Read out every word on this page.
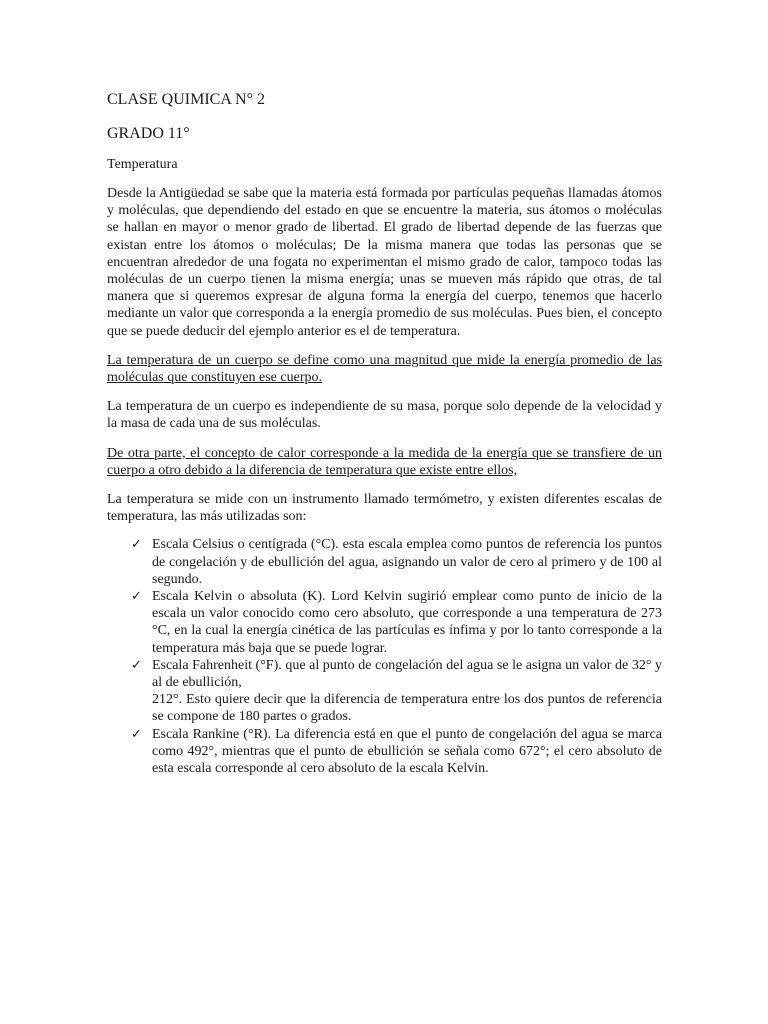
CLASE QUIMICA N° 2
GRADO 11°
Temperatura

Desde la Antigüedad se sabe que la materia está formada por partículas pequeñas llamadas átomos y moléculas, que dependiendo del estado en que se encuentre la materia, sus átomos o moléculas se hallan en mayor o menor grado de libertad. El grado de libertad depende de las fuerzas que existan entre los átomos o moléculas; De la misma manera que todas las personas que se encuentran alrededor de una fogata no experimentan el mismo grado de calor, tampoco todas las moléculas de un cuerpo tienen la misma energía; unas se mueven más rápido que otras, de tal manera que si queremos expresar de alguna forma la energía del cuerpo, tenemos que hacerlo mediante un valor que corresponda a la energía promedio de sus moléculas. Pues bien, el concepto que se puede deducir del ejemplo anterior es el de temperatura.

La temperatura de un cuerpo se define como una magnitud que mide la energía promedio de las moléculas que constituyen ese cuerpo.

La temperatura de un cuerpo es independiente de su masa, porque solo depende de la velocidad y la masa de cada una de sus moléculas.

De otra parte, el concepto de calor corresponde a la medida de la energía que se transfiere de un cuerpo a otro debido a la diferencia de temperatura que existe entre ellos,

La temperatura se mide con un instrumento llamado termómetro, y existen diferentes escalas de temperatura, las más utilizadas son:

✓ Escala Celsius o centígrada (°C). esta escala emplea como puntos de referencia los puntos de congelación y de ebullición del agua, asignando un valor de cero al primero y de 100 al segundo.
✓ Escala Kelvin o absoluta (K). Lord Kelvin sugirió emplear como punto de inicio de la escala un valor conocido como cero absoluto, que corresponde a una temperatura de 273 °C, en la cual la energía cinética de las partículas es ínfima y por lo tanto corresponde a la temperatura más baja que se puede lograr.
✓ Escala Fahrenheit (°F). que al punto de congelación del agua se le asigna un valor de 32° y al de ebullición,
212°. Esto quiere decir que la diferencia de temperatura entre los dos puntos de referencia se compone de 180 partes o grados.
✓ Escala Rankine (°R). La diferencia está en que el punto de congelación del agua se marca como 492°, mientras que el punto de ebullición se señala como 672°; el cero absoluto de esta escala corresponde al cero absoluto de la escala Kelvin.
